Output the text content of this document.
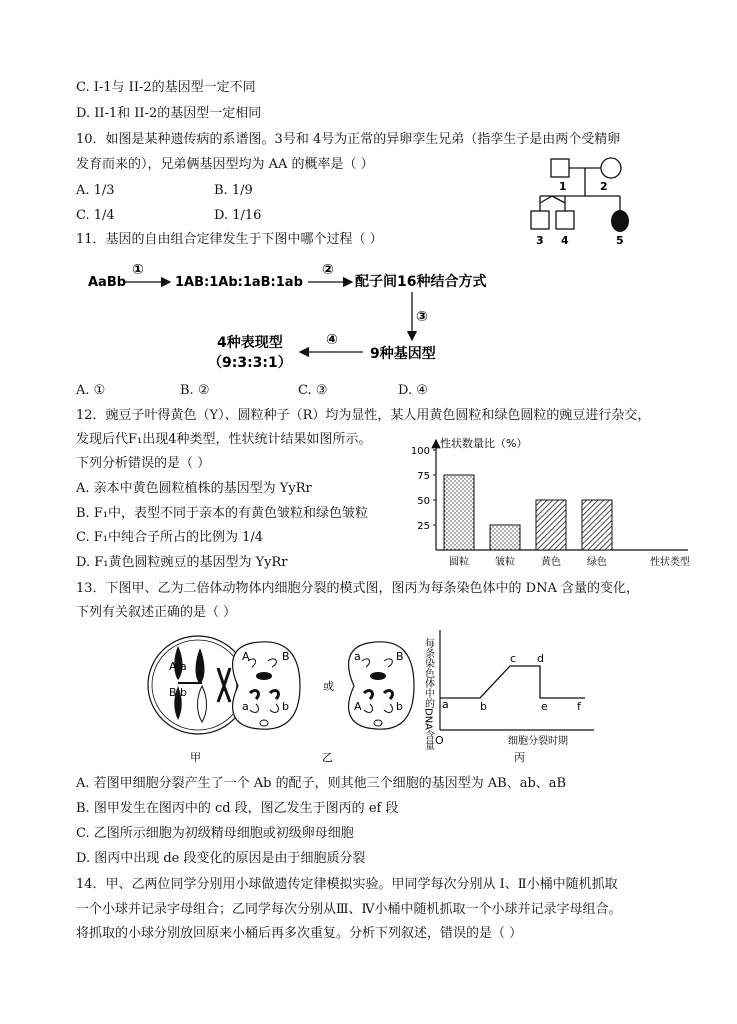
C. I-1与 II-2的基因型一定不同
D. II-1和 II-2的基因型一定相同
10．如图是某种遗传病的系谱图。3号和 4号为正常的异卵孪生兄弟（指孪生子是由两个受精卵
发育而来的），兄弟俩基因型均为 AA 的概率是（ ）
A. 1/3	B. 1/9
C. 1/4	D. 1/16
11．基因的自由组合定律发生于下图中哪个过程（ ）
1	2
3 4	5
AaBb
①
1AB:1Ab:1aB:1ab
②
配子间16种结合方式
③
9种基因型
④
4种表现型
（9:3:3:1）
A. ①	B. ②	C. ③	D. ④
12．豌豆子叶得黄色（Y）、圆粒种子（R）均为显性，某人用黄色圆粒和绿色圆粒的豌豆进行杂交，
发现后代F₁出现4种类型，性状统计结果如图所示。
下列分析错误的是（ ）
A. 亲本中黄色圆粒植株的基因型为 YyRr
B. F₁中，表型不同于亲本的有黄色皱粒和绿色皱粒
C. F₁中纯合子所占的比例为 1/4
D. F₁黄色圆粒豌豆的基因型为 YyRr
性状数量比（%）
100
75
50
25
圆粒	皱粒	黄色	绿色	性状类型
13．下图甲、乙为二倍体动物体内细胞分裂的模式图，图丙为每条染色体中的 DNA 含量的变化，
下列有关叙述正确的是（ ）
A a
B b
甲
A	B
a	b
或
a	B
A	b
乙
每条染色体中的DNA含量 a	b
c d
e	f
O	细胞分裂时期
丙
A. 若图甲细胞分裂产生了一个 Ab 的配子，则其他三个细胞的基因型为 AB、ab、aB
B. 图甲发生在图丙中的 cd 段，图乙发生于图丙的 ef 段
C. 乙图所示细胞为初级精母细胞或初级卵母细胞
D. 图丙中出现 de 段变化的原因是由于细胞质分裂
14．甲、乙两位同学分别用小球做遗传定律模拟实验。甲同学每次分别从 Ⅰ、Ⅱ小桶中随机抓取
一个小球并记录字母组合；乙同学每次分别从Ⅲ、Ⅳ小桶中随机抓取一个小球并记录字母组合。
将抓取的小球分别放回原来小桶后再多次重复。分析下列叙述，错误的是（ ）
